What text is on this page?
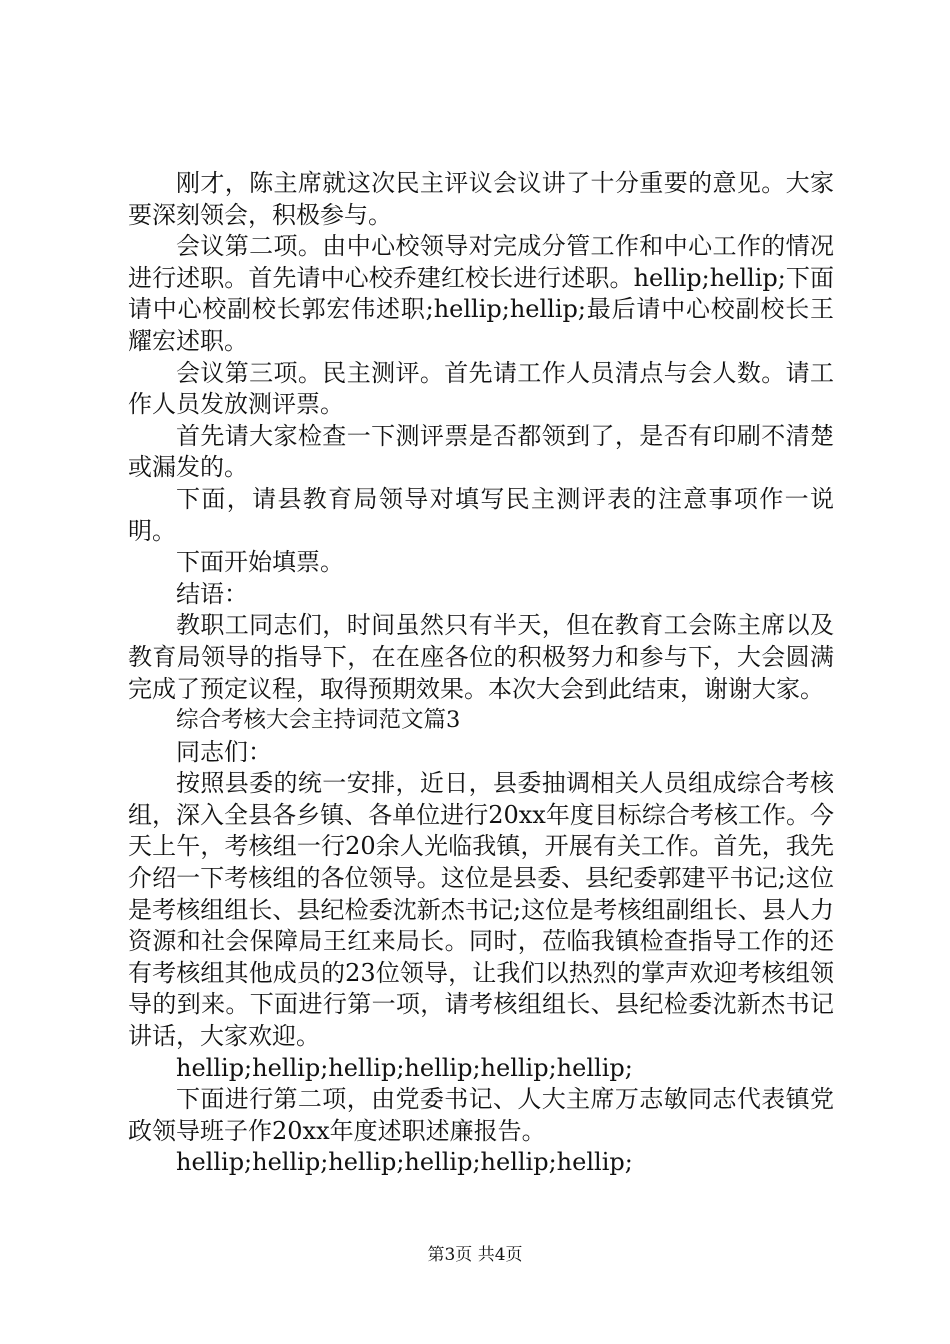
刚才，陈主席就这次民主评议会议讲了十分重要的意见。大家要深刻领会，积极参与。

会议第二项。由中心校领导对完成分管工作和中心工作的情况进行述职。首先请中心校乔建红校长进行述职。hellip;hellip;下面请中心校副校长郭宏伟述职;hellip;hellip;最后请中心校副校长王耀宏述职。

会议第三项。民主测评。首先请工作人员清点与会人数。请工作人员发放测评票。

首先请大家检查一下测评票是否都领到了，是否有印刷不清楚或漏发的。

下面，请县教育局领导对填写民主测评表的注意事项作一说明。

下面开始填票。

结语：

教职工同志们，时间虽然只有半天，但在教育工会陈主席以及教育局领导的指导下，在在座各位的积极努力和参与下，大会圆满完成了预定议程，取得预期效果。本次大会到此结束，谢谢大家。

综合考核大会主持词范文篇3

同志们：

按照县委的统一安排，近日，县委抽调相关人员组成综合考核组，深入全县各乡镇、各单位进行20xx年度目标综合考核工作。今天上午，考核组一行20余人光临我镇，开展有关工作。首先，我先介绍一下考核组的各位领导。这位是县委、县纪委郭建平书记;这位是考核组组长、县纪检委沈新杰书记;这位是考核组副组长、县人力资源和社会保障局王红来局长。同时，莅临我镇检查指导工作的还有考核组其他成员的23位领导，让我们以热烈的掌声欢迎考核组领导的到来。下面进行第一项，请考核组组长、县纪检委沈新杰书记讲话，大家欢迎。

hellip;hellip;hellip;hellip;hellip;hellip;

下面进行第二项，由党委书记、人大主席万志敏同志代表镇党政领导班子作20xx年度述职述廉报告。

hellip;hellip;hellip;hellip;hellip;hellip;

第3页 共4页
